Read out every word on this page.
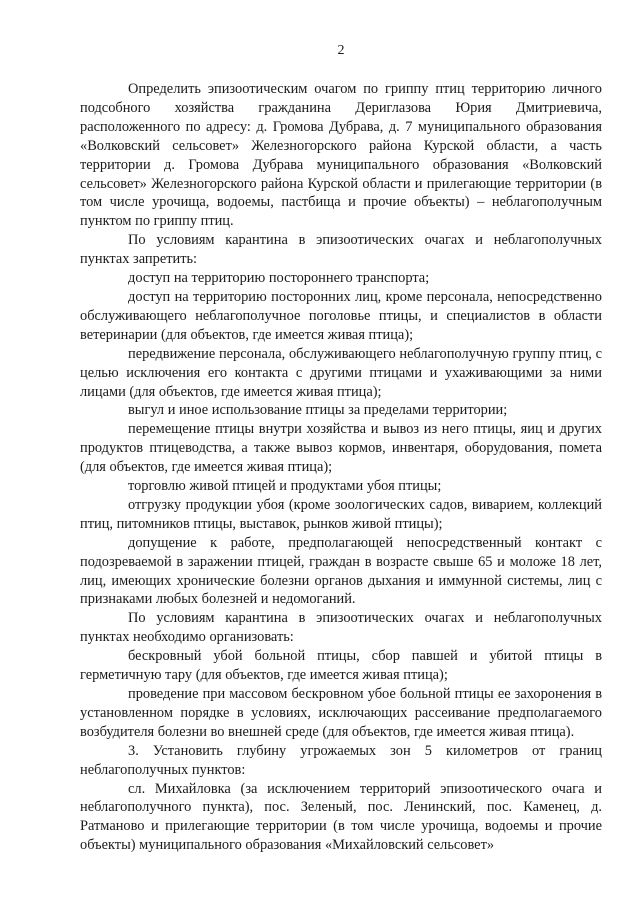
2

Определить эпизоотическим очагом по гриппу птиц территорию личного подсобного хозяйства гражданина Дериглазова Юрия Дмитриевича, расположенного по адресу: д. Громова Дубрава, д. 7 муниципального образования «Волковский сельсовет» Железногорского района Курской области, а часть территории д. Громова Дубрава муниципального образования «Волковский сельсовет» Железногорского района Курской области и прилегающие территории (в том числе урочища, водоемы, пастбища и прочие объекты) – неблагополучным пунктом по гриппу птиц.

По условиям карантина в эпизоотических очагах и неблагополучных пунктах запретить:

доступ на территорию постороннего транспорта;

доступ на территорию посторонних лиц, кроме персонала, непосредственно обслуживающего неблагополучное поголовье птицы, и специалистов в области ветеринарии (для объектов, где имеется живая птица);

передвижение персонала, обслуживающего неблагополучную группу птиц, с целью исключения его контакта с другими птицами и ухаживающими за ними лицами (для объектов, где имеется живая птица);

выгул и иное использование птицы за пределами территории;

перемещение птицы внутри хозяйства и вывоз из него птицы, яиц и других продуктов птицеводства, а также вывоз кормов, инвентаря, оборудования, помета (для объектов, где имеется живая птица);

торговлю живой птицей и продуктами убоя птицы;

отгрузку продукции убоя (кроме зоологических садов, виварием, коллекций птиц, питомников птицы, выставок, рынков живой птицы);

допущение к работе, предполагающей непосредственный контакт с подозреваемой в заражении птицей, граждан в возрасте свыше 65 и моложе 18 лет, лиц, имеющих хронические болезни органов дыхания и иммунной системы, лиц с признаками любых болезней и недомоганий.

По условиям карантина в эпизоотических очагах и неблагополучных пунктах необходимо организовать:

бескровный убой больной птицы, сбор павшей и убитой птицы в герметичную тару (для объектов, где имеется живая птица);

проведение при массовом бескровном убое больной птицы ее захоронения в установленном порядке в условиях, исключающих рассеивание предполагаемого возбудителя болезни во внешней среде (для объектов, где имеется живая птица).

3. Установить глубину угрожаемых зон 5 километров от границ неблагополучных пунктов:

сл. Михайловка (за исключением территорий эпизоотического очага и неблагополучного пункта), пос. Зеленый, пос. Ленинский, пос. Каменец, д. Ратманово и прилегающие территории (в том числе урочища, водоемы и прочие объекты) муниципального образования «Михайловский сельсовет»
